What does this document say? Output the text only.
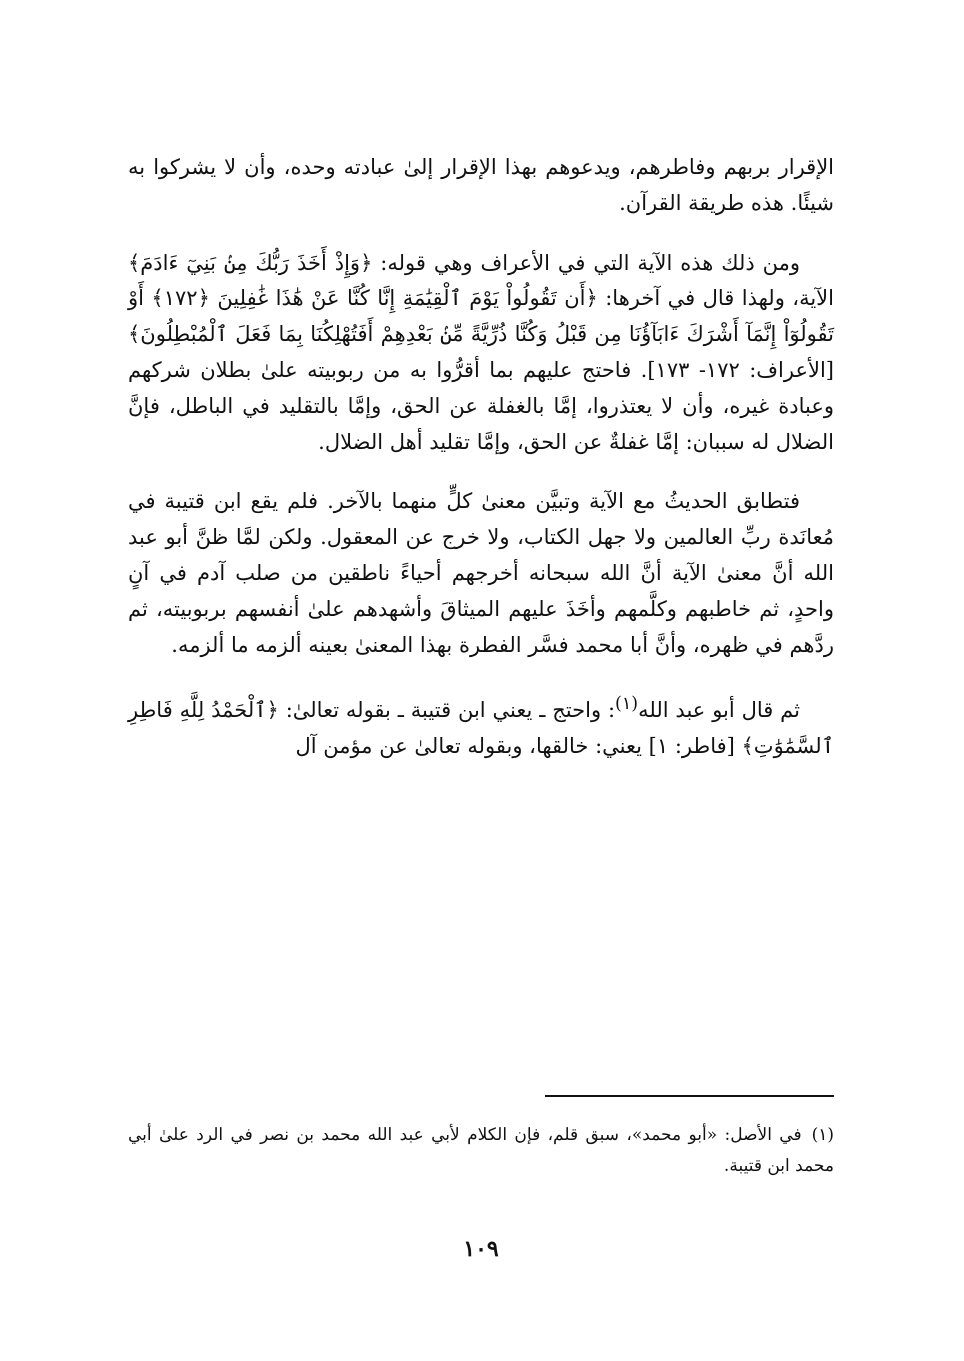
الإقرار بربهم وفاطرهم، ويدعوهم بهذا الإقرار إلىٰ عبادته وحده، وأن لا يشركوا به شيئًا. هذه طريقة القرآن.

ومن ذلك هذه الآية التي في الأعراف وهي قوله: ﴿وَإِذْ أَخَذَ رَبُّكَ مِنۢ بَنِيٓ ءَادَمَ﴾ الآية، ولهذا قال في آخرها: ﴿أَن تَقُولُواْ يَوْمَ ٱلْقِيَٰمَةِ إِنَّا كُنَّا عَنْ هَٰذَا غَٰفِلِينَ ﴿١٧٢﴾ أَوْ تَقُولُوٓاْ إِنَّمَآ أَشْرَكَ ءَابَآؤُنَا مِن قَبْلُ وَكُنَّا ذُرِّيَّةً مِّنۢ بَعْدِهِمْ أَفَتُهْلِكُنَا بِمَا فَعَلَ ٱلْمُبْطِلُونَ﴾ [الأعراف: ١٧٢- ١٧٣]. فاحتج عليهم بما أقرُّوا به من ربوبيته علىٰ بطلان شركهم وعبادة غيره، وأن لا يعتذروا، إمَّا بالغفلة عن الحق، وإمَّا بالتقليد في الباطل، فإنَّ الضلال له سببان: إمَّا غفلةٌ عن الحق، وإمَّا تقليد أهل الضلال.

فتطابق الحديثُ مع الآية وتبيَّن معنىٰ كلٍّ منهما بالآخر. فلم يقع ابن قتيبة في مُعانَدة ربِّ العالمين ولا جهل الكتاب، ولا خرج عن المعقول. ولكن لمَّا ظنَّ أبو عبد الله أنَّ معنىٰ الآية أنَّ الله سبحانه أخرجهم أحياءً ناطقين من صلب آدم في آنٍ واحدٍ، ثم خاطبهم وكلَّمهم وأخَذَ عليهم الميثاقَ وأشهدهم علىٰ أنفسهم بربوبيته، ثم ردَّهم في ظهره، وأنَّ أبا محمد فسَّر الفطرة بهذا المعنىٰ بعينه ألزمه ما ألزمه.

ثم قال أبو عبد الله$^{(١)}$: واحتج ـ يعني ابن قتيبة ـ بقوله تعالىٰ: ﴿ٱلْحَمْدُ لِلَّهِ فَاطِرِ ٱلسَّمَٰوَٰتِ﴾ [فاطر: ١] يعني: خالقها، وبقوله تعالىٰ عن مؤمن آل

(١)في الأصل: «أبو محمد»، سبق قلم، فإن الكلام لأبي عبد الله محمد بن نصر في الرد علىٰ أبي محمد ابن قتيبة.
١٠٩
